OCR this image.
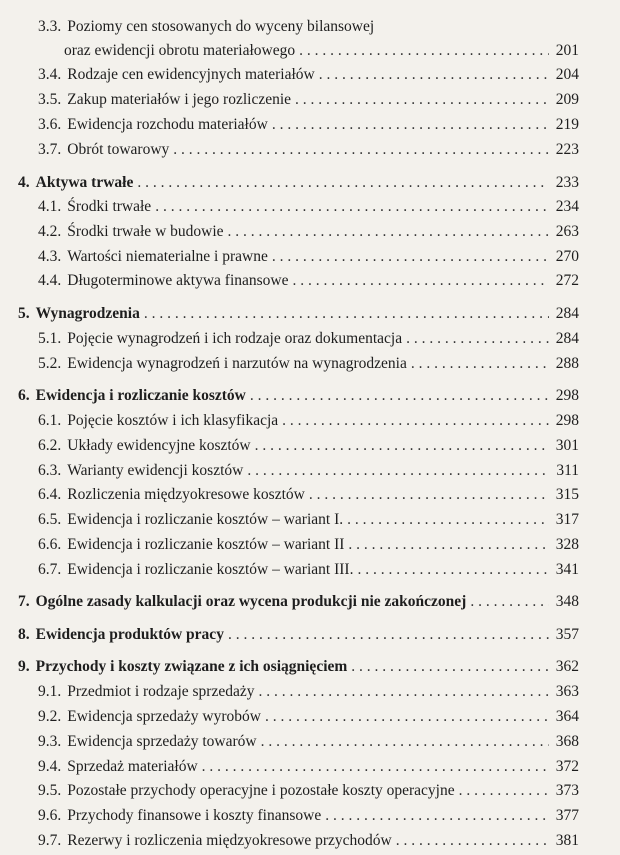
3.3. Poziomy cen stosowanych do wyceny bilansowej
oraz ewidencji obrotu materiałowego . . .	201
3.4. Rodzaje cen ewidencyjnych materiałów . . .	204
3.5. Zakup materiałów i jego rozliczenie . . .	209
3.6. Ewidencja rozchodu materiałów . . .	219
3.7. Obrót towarowy . . .	223
4. Aktywa trwałe . . .	233
4.1. Środki trwałe . . .	234
4.2. Środki trwałe w budowie . . .	263
4.3. Wartości niematerialne i prawne . . .	270
4.4. Długoterminowe aktywa finansowe . . .	272
5. Wynagrodzenia . . .	284
5.1. Pojęcie wynagrodzeń i ich rodzaje oraz dokumentacja . . .	284
5.2. Ewidencja wynagrodzeń i narzutów na wynagrodzenia . . .	288
6. Ewidencja i rozliczanie kosztów . . .	298
6.1. Pojęcie kosztów i ich klasyfikacja . . .	298
6.2. Układy ewidencyjne kosztów . . .	301
6.3. Warianty ewidencji kosztów . . .	311
6.4. Rozliczenia międzyokresowe kosztów . . .	315
6.5. Ewidencja i rozliczanie kosztów – wariant I. . . .	317
6.6. Ewidencja i rozliczanie kosztów – wariant II . . .	328
6.7. Ewidencja i rozliczanie kosztów – wariant III. . . .	341
7. Ogólne zasady kalkulacji oraz wycena produkcji nie zakończonej . . .	348
8. Ewidencja produktów pracy . . .	357
9. Przychody i koszty związane z ich osiągnięciem . . .	362
9.1. Przedmiot i rodzaje sprzedaży . . .	363
9.2. Ewidencja sprzedaży wyrobów . . .	364
9.3. Ewidencja sprzedaży towarów . . .	368
9.4. Sprzedaż materiałów . . .	372
9.5. Pozostałe przychody operacyjne i pozostałe koszty operacyjne . . .	373
9.6. Przychody finansowe i koszty finansowe . . .	377
9.7. Rezerwy i rozliczenia międzyokresowe przychodów . . .	381
